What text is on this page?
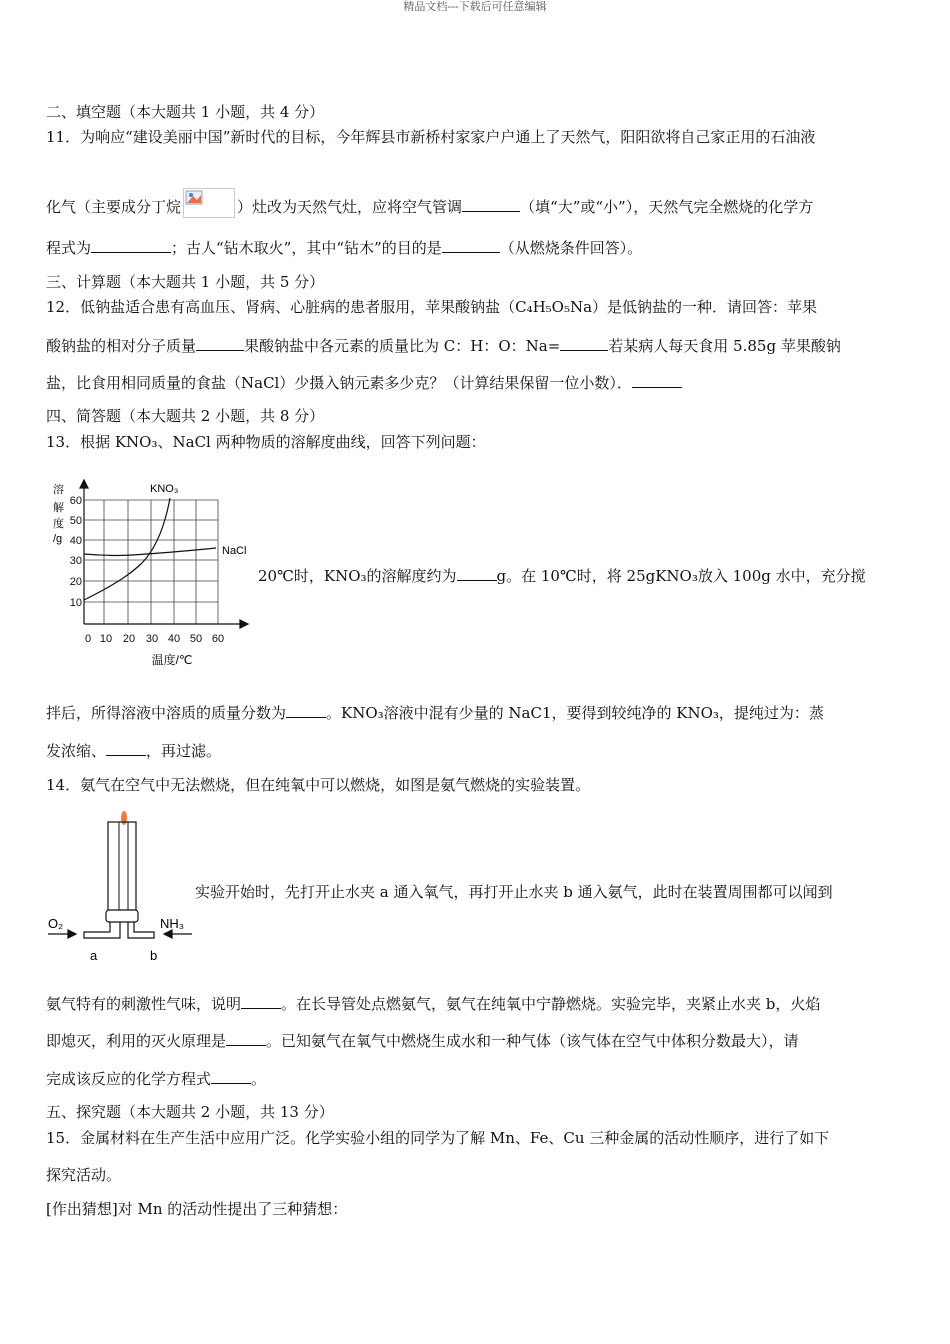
精品文档---下载后可任意编辑
二、填空题（本大题共 1 小题，共 4 分）
11．为响应“建设美丽中国”新时代的目标，今年辉县市新桥村家家户户通上了天然气，阳阳欲将自己家正用的石油液
化气（主要成分丁烷	）灶改为天然气灶，应将空气管调	（填“大”或“小”），天然气完全燃烧的化学方
程式为	；古人“钻木取火”，其中“钻木”的目的是	（从燃烧条件回答）。
三、计算题（本大题共 1 小题，共 5 分）
12．低钠盐适合患有高血压、肾病、心脏病的患者服用，苹果酸钠盐（C₄H₅O₅Na）是低钠盐的一种．请回答：苹果
酸钠盐的相对分子质量	果酸钠盐中各元素的质量比为 C：H：O：Na=	若某病人每天食用 5.85g 苹果酸钠
盐，比食用相同质量的食盐（NaCl）少摄入钠元素多少克？（计算结果保留一位小数）．
四、简答题（本大题共 2 小题，共 8 分）
13．根据 KNO₃、NaCl 两种物质的溶解度曲线，回答下列问题：
溶
解
度
/g
60
50
40
30
20
10
0 10 20 30 40 50 60
温度/℃
KNO₃
NaCl
20℃时，KNO₃的溶解度约为	g。在 10℃时，将 25gKNO₃放入 100g 水中，充分搅
拌后，所得溶液中溶质的质量分数为	。KNO₃溶液中混有少量的 NaC1，要得到较纯净的 KNO₃，提纯过为：蒸
发浓缩、	，再过滤。
14．氨气在空气中无法燃烧，但在纯氧中可以燃烧，如图是氨气燃烧的实验装置。
O₂	NH₃
a	b
实验开始时，先打开止水夹 a 通入氧气，再打开止水夹 b 通入氨气，此时在装置周围都可以闻到
氨气特有的刺激性气味，说明	。在长导管处点燃氨气，氨气在纯氧中宁静燃烧。实验完毕，夹紧止水夹 b，火焰
即熄灭，利用的灭火原理是	。已知氨气在氧气中燃烧生成水和一种气体（该气体在空气中体积分数最大），请
完成该反应的化学方程式	。
五、探究题（本大题共 2 小题，共 13 分）
15．金属材料在生产生活中应用广泛。化学实验小组的同学为了解 Mn、Fe、Cu 三种金属的活动性顺序，进行了如下
探究活动。
[作出猜想]对 Mn 的活动性提出了三种猜想：
